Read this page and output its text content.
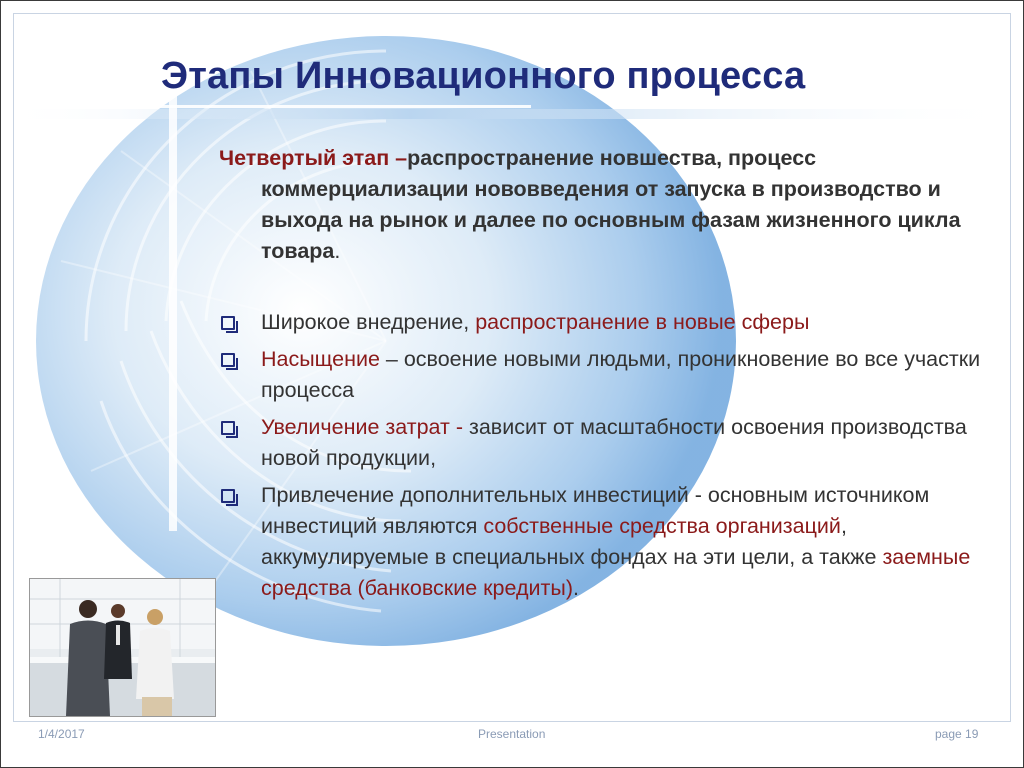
Этапы Инновационного процесса
Четвертый этап –распространение новшества, процесс
коммерциализации нововведения от запуска в производство и выхода на рынок и далее по основным фазам жизненного цикла товара.
Широкое внедрение, распространение в новые сферы
Насыщение – освоение новыми людьми, проникновение во все участки процесса
Увеличение затрат - зависит от масштабности освоения производства новой продукции,
Привлечение дополнительных инвестиций - основным источником инвестиций являются собственные средства организаций, аккумулируемые в специальных фондах на эти цели, а также заемные средства (банковские кредиты).
1/4/2017	Presentation	page 19
